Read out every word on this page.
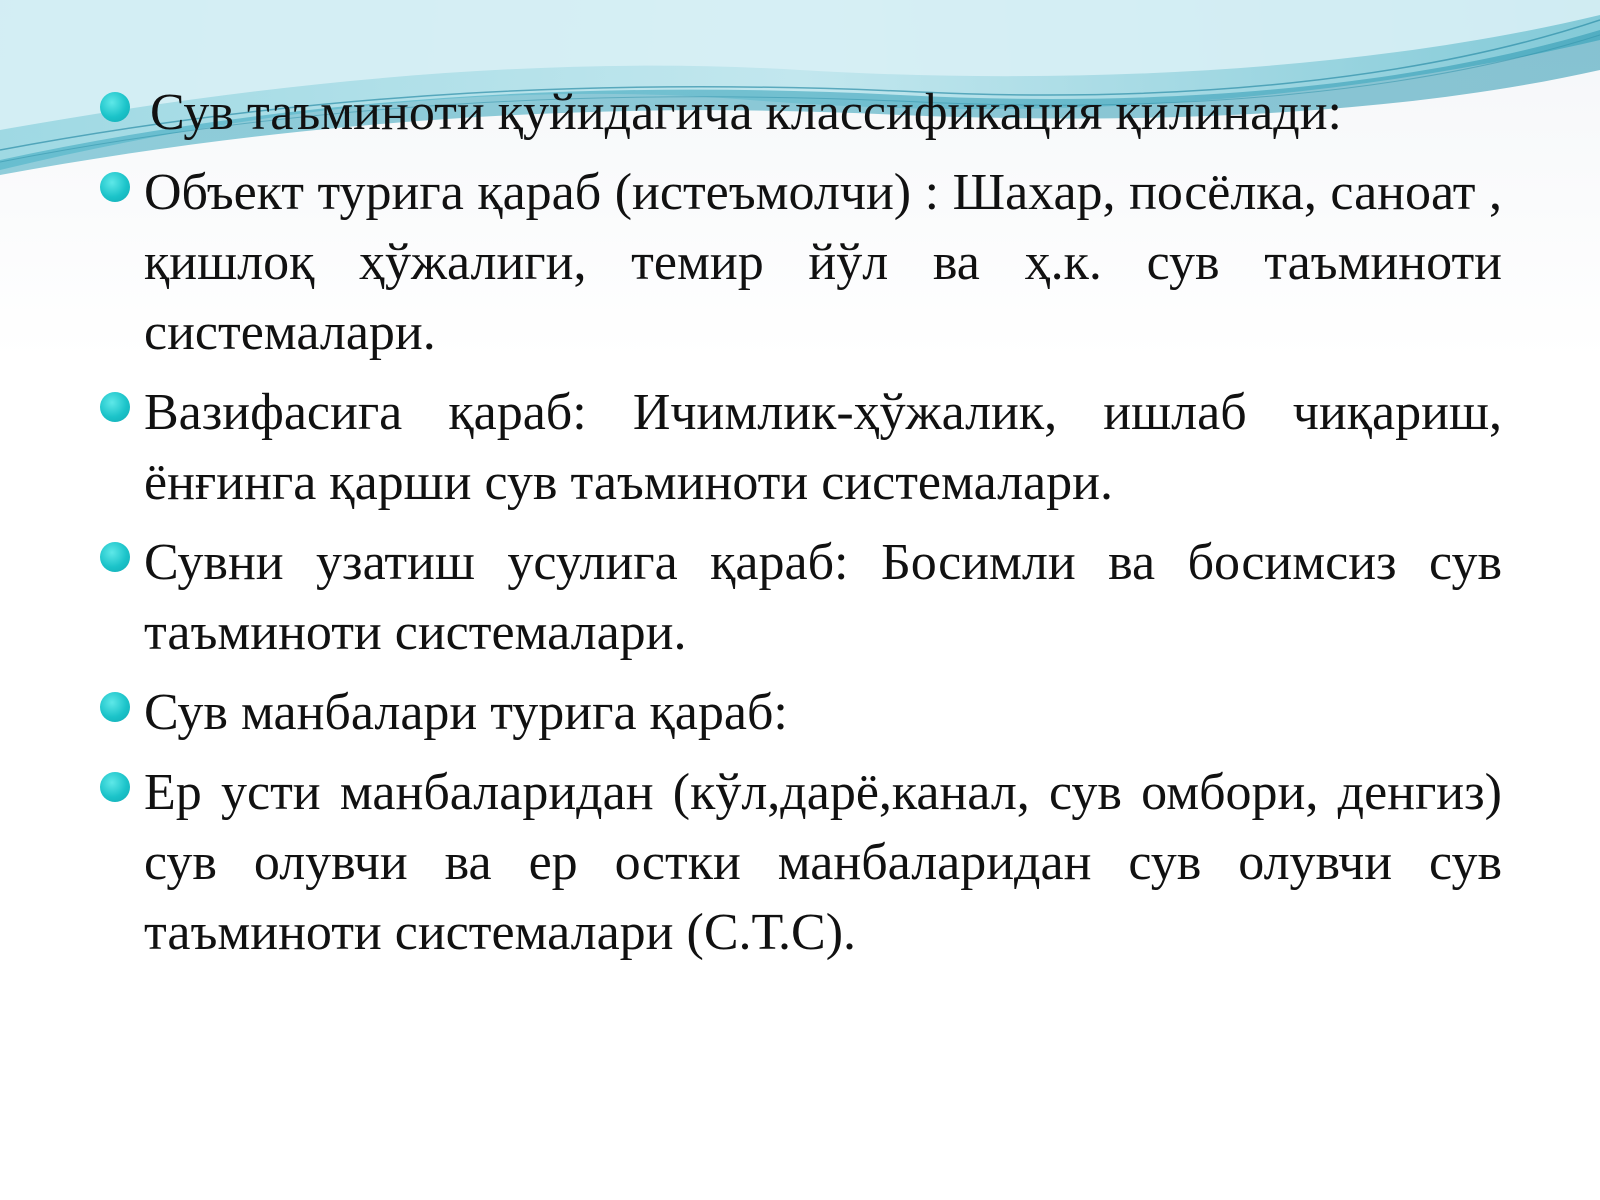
Сув таъминоти қуйидагича классификация қилинади:
Объект турига қараб (истеъмолчи) : Шахар, посёлка, саноат , қишлоқ ҳўжалиги, темир йўл ва ҳ.к. сув таъминоти системалари.
Вазифасига қараб: Ичимлик-ҳўжалик, ишлаб чиқариш, ёнғинга қарши сув таъминоти системалари.
Сувни узатиш усулига қараб: Босимли ва босимсиз сув таъминоти системалари.
Сув манбалари турига қараб:
Ер усти манбаларидан (кўл,дарё,канал, сув омбори, денгиз) сув олувчи ва ер остки манбаларидан сув олувчи сув таъминоти системалари (С.Т.С).
